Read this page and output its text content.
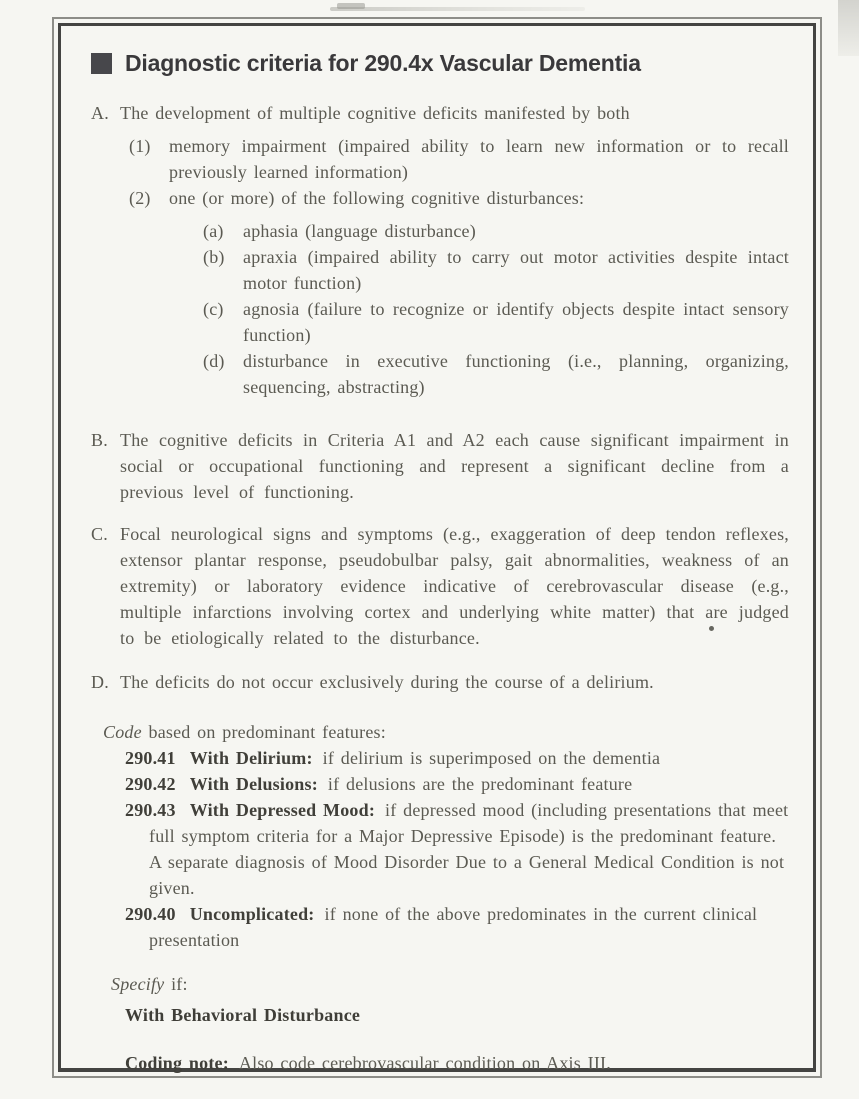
Diagnostic criteria for 290.4x Vascular Dementia
A. The development of multiple cognitive deficits manifested by both
(1)	memory impairment (impaired ability to learn new information or to recall previously learned information)
(2)	one (or more) of the following cognitive disturbances:
(a)	aphasia (language disturbance)
(b)	apraxia (impaired ability to carry out motor activities despite intact motor function)
(c)	agnosia (failure to recognize or identify objects despite intact sensory function)
(d)	disturbance in executive functioning (i.e., planning, organizing, sequencing, abstracting)
B. The cognitive deficits in Criteria A1 and A2 each cause significant impairment in social or occupational functioning and represent a significant decline from a previous level of functioning.
C. Focal neurological signs and symptoms (e.g., exaggeration of deep tendon reflexes, extensor plantar response, pseudobulbar palsy, gait abnormalities, weakness of an extremity) or laboratory evidence indicative of cerebrovascular disease (e.g., multiple infarctions involving cortex and underlying white matter) that are judged to be etiologically related to the disturbance.
D. The deficits do not occur exclusively during the course of a delirium.
Code based on predominant features:
290.41 With Delirium: if delirium is superimposed on the dementia
290.42 With Delusions: if delusions are the predominant feature
290.43 With Depressed Mood: if depressed mood (including presentations that meet full symptom criteria for a Major Depressive Episode) is the predominant feature. A separate diagnosis of Mood Disorder Due to a General Medical Condition is not given.
290.40 Uncomplicated: if none of the above predominates in the current clinical presentation
Specify if:
With Behavioral Disturbance
Coding note: Also code cerebrovascular condition on Axis III.
